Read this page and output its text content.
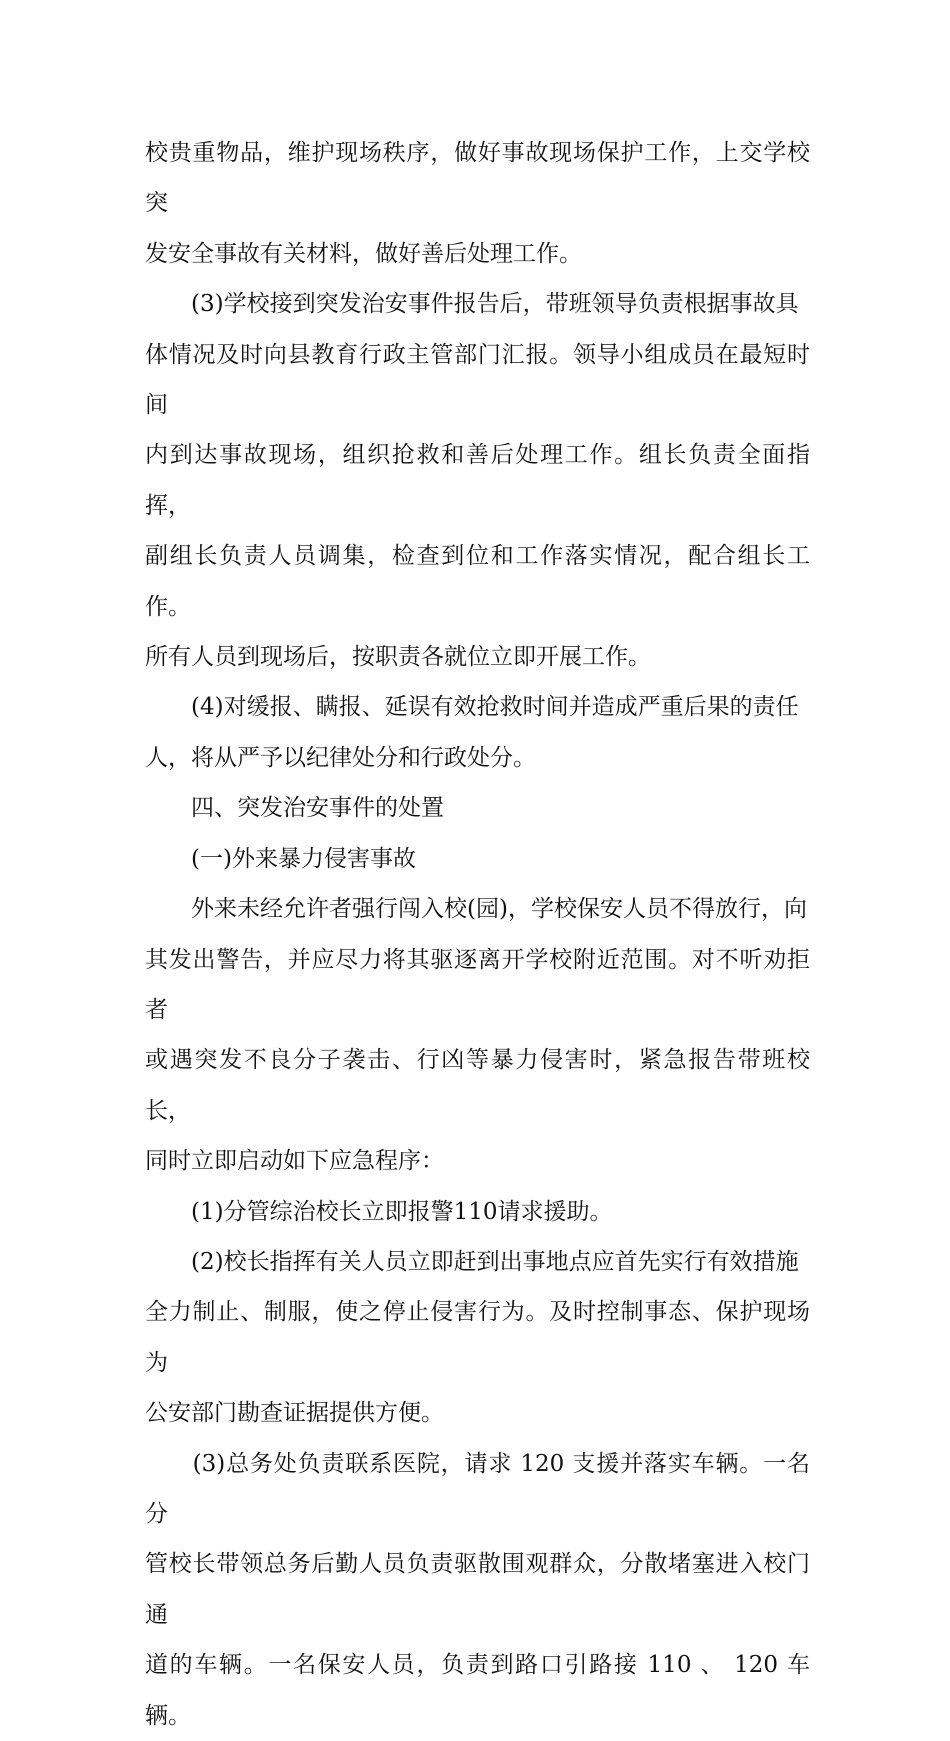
校贵重物品，维护现场秩序，做好事故现场保护工作，上交学校突
发安全事故有关材料，做好善后处理工作。

　　(3)学校接到突发治安事件报告后，带班领导负责根据事故具
体情况及时向县教育行政主管部门汇报。领导小组成员在最短时间
内到达事故现场，组织抢救和善后处理工作。组长负责全面指挥，
副组长负责人员调集，检查到位和工作落实情况，配合组长工作。
所有人员到现场后，按职责各就位立即开展工作。

　　(4)对缓报、瞒报、延误有效抢救时间并造成严重后果的责任
人，将从严予以纪律处分和行政处分。

　　四、突发治安事件的处置

　　(一)外来暴力侵害事故

　　外来未经允许者强行闯入校(园)，学校保安人员不得放行，向
其发出警告，并应尽力将其驱逐离开学校附近范围。对不听劝拒者
或遇突发不良分子袭击、行凶等暴力侵害时，紧急报告带班校长，
同时立即启动如下应急程序：

　　(1)分管综治校长立即报警110请求援助。

　　(2)校长指挥有关人员立即赶到出事地点应首先实行有效措施
全力制止、制服，使之停止侵害行为。及时控制事态、保护现场为
公安部门勘查证据提供方便。

　　(3)总务处负责联系医院，请求 120 支援并落实车辆。一名分
管校长带领总务后勤人员负责驱散围观群众，分散堵塞进入校门通
道的车辆。一名保安人员，负责到路口引路接 110 、 120 车辆。
